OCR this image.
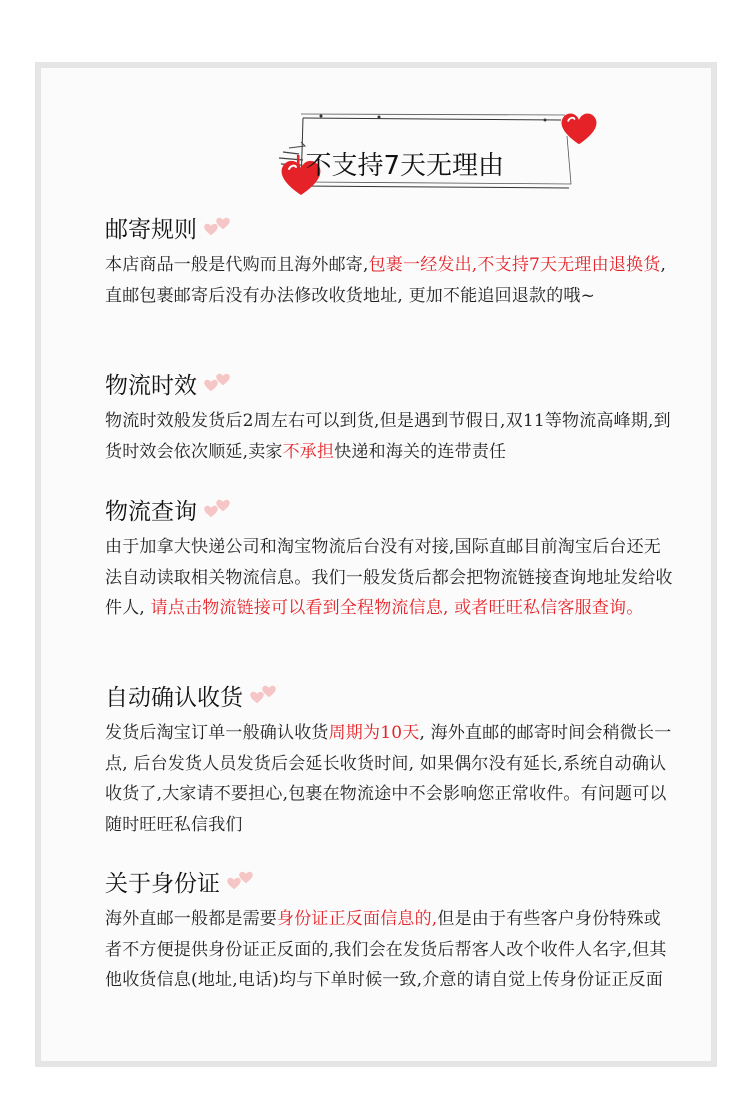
!不支持7天无理由
邮寄规则

本店商品一般是代购而且海外邮寄,包裹一经发出,不支持7天无理由退换货, 直邮包裹邮寄后没有办法修改收货地址, 更加不能追回退款的哦~

物流时效

物流时效般发货后2周左右可以到货,但是遇到节假日,双11等物流高峰期,到货时效会依次顺延,卖家不承担快递和海关的连带责任

物流查询

由于加拿大快递公司和淘宝物流后台没有对接,国际直邮目前淘宝后台还无法自动读取相关物流信息。我们一般发货后都会把物流链接查询地址发给收件人, 请点击物流链接可以看到全程物流信息, 或者旺旺私信客服查询。

自动确认收货

发货后淘宝订单一般确认收货周期为10天, 海外直邮的邮寄时间会稍微长一点, 后台发货人员发货后会延长收货时间, 如果偶尔没有延长,系统自动确认收货了,大家请不要担心,包裹在物流途中不会影响您正常收件。有问题可以随时旺旺私信我们

关于身份证

海外直邮一般都是需要身份证正反面信息的,但是由于有些客户身份特殊或者不方便提供身份证正反面的,我们会在发货后帮客人改个收件人名字,但其他收货信息(地址,电话)均与下单时候一致,介意的请自觉上传身份证正反面
